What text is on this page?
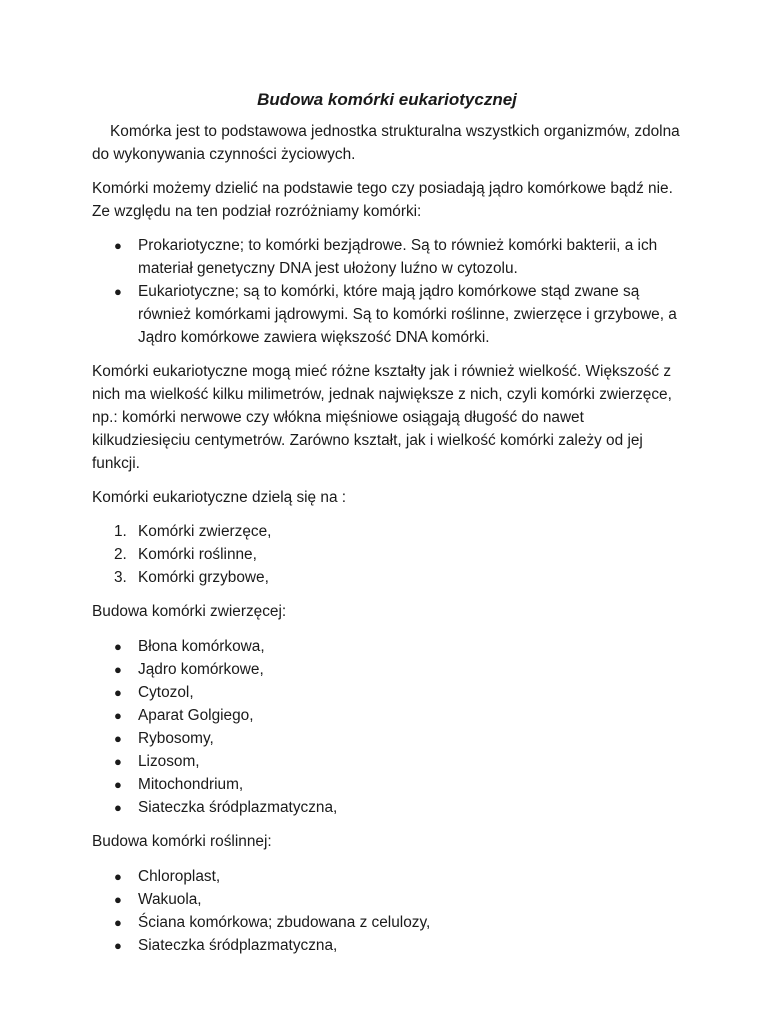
Budowa komórki eukariotycznej

Komórka jest to podstawowa jednostka strukturalna wszystkich organizmów, zdolna do wykonywania czynności życiowych.

Komórki możemy dzielić na podstawie tego czy posiadają jądro komórkowe bądź nie. Ze względu na ten podział rozróżniamy komórki:

● Prokariotyczne; to komórki bezjądrowe. Są to również komórki bakterii, a ich materiał genetyczny DNA jest ułożony luźno w cytozolu.
● Eukariotyczne; są to komórki, które mają jądro komórkowe stąd zwane są również komórkami jądrowymi. Są to komórki roślinne, zwierzęce i grzybowe, a Jądro komórkowe zawiera większość DNA komórki.

Komórki eukariotyczne mogą mieć różne kształty jak i również wielkość. Większość z nich ma wielkość kilku milimetrów, jednak największe z nich, czyli komórki zwierzęce, np.: komórki nerwowe czy włókna mięśniowe osiągają długość do nawet kilkudziesięciu centymetrów. Zarówno kształt, jak i wielkość komórki zależy od jej funkcji.

Komórki eukariotyczne dzielą się na :

1. Komórki zwierzęce,
2. Komórki roślinne,
3. Komórki grzybowe,

Budowa komórki zwierzęcej:

● Błona komórkowa,
● Jądro komórkowe,
● Cytozol,
● Aparat Golgiego,
● Rybosomy,
● Lizosom,
● Mitochondrium,
● Siateczka śródplazmatyczna,

Budowa komórki roślinnej:

● Chloroplast,
● Wakuola,
● Ściana komórkowa; zbudowana z celulozy,
● Siateczka śródplazmatyczna,
